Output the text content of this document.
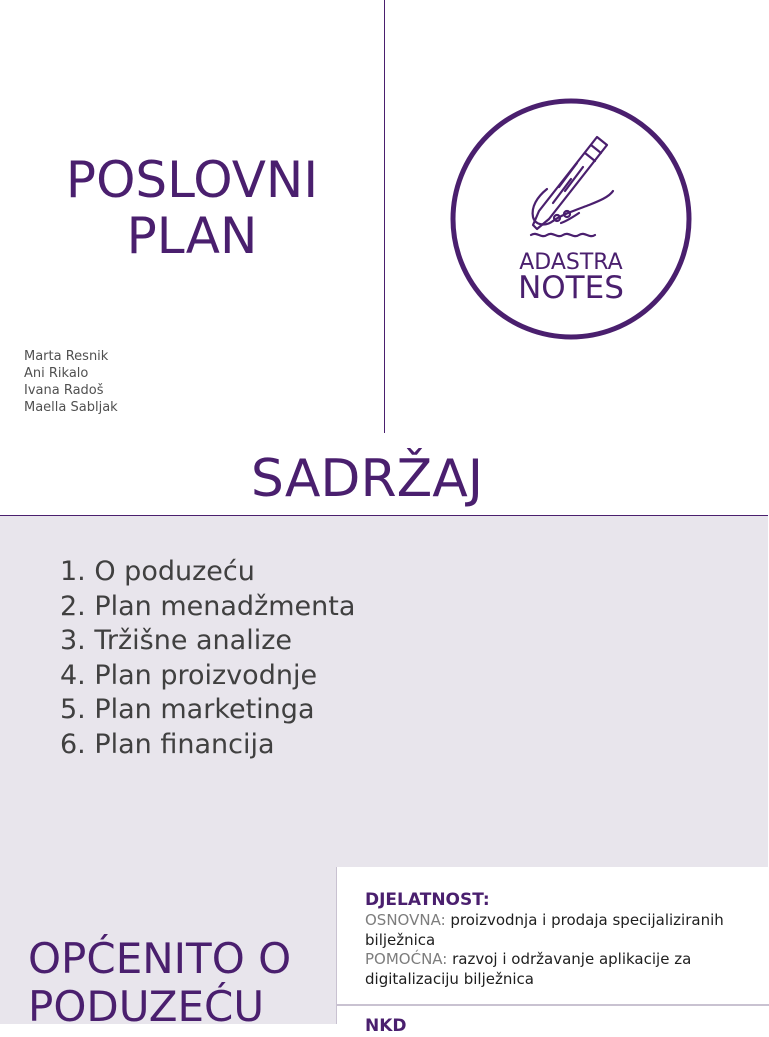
POSLOVNI
PLAN
Marta Resnik
Ani Rikalo
Ivana Radoš
Maella Sabljak
ADASTRA
NOTES
SADRŽAJ
1. O poduzeću
2. Plan menadžmenta
3. Tržišne analize
4. Plan proizvodnje
5. Plan marketinga
6. Plan financija
OPĆENITO O
PODUZEĆU
DJELATNOST:
OSNOVNA: proizvodnja i prodaja specijaliziranih bilježnica
POMOĆNA: razvoj i održavanje aplikacije za digitalizaciju bilježnica
NKD
